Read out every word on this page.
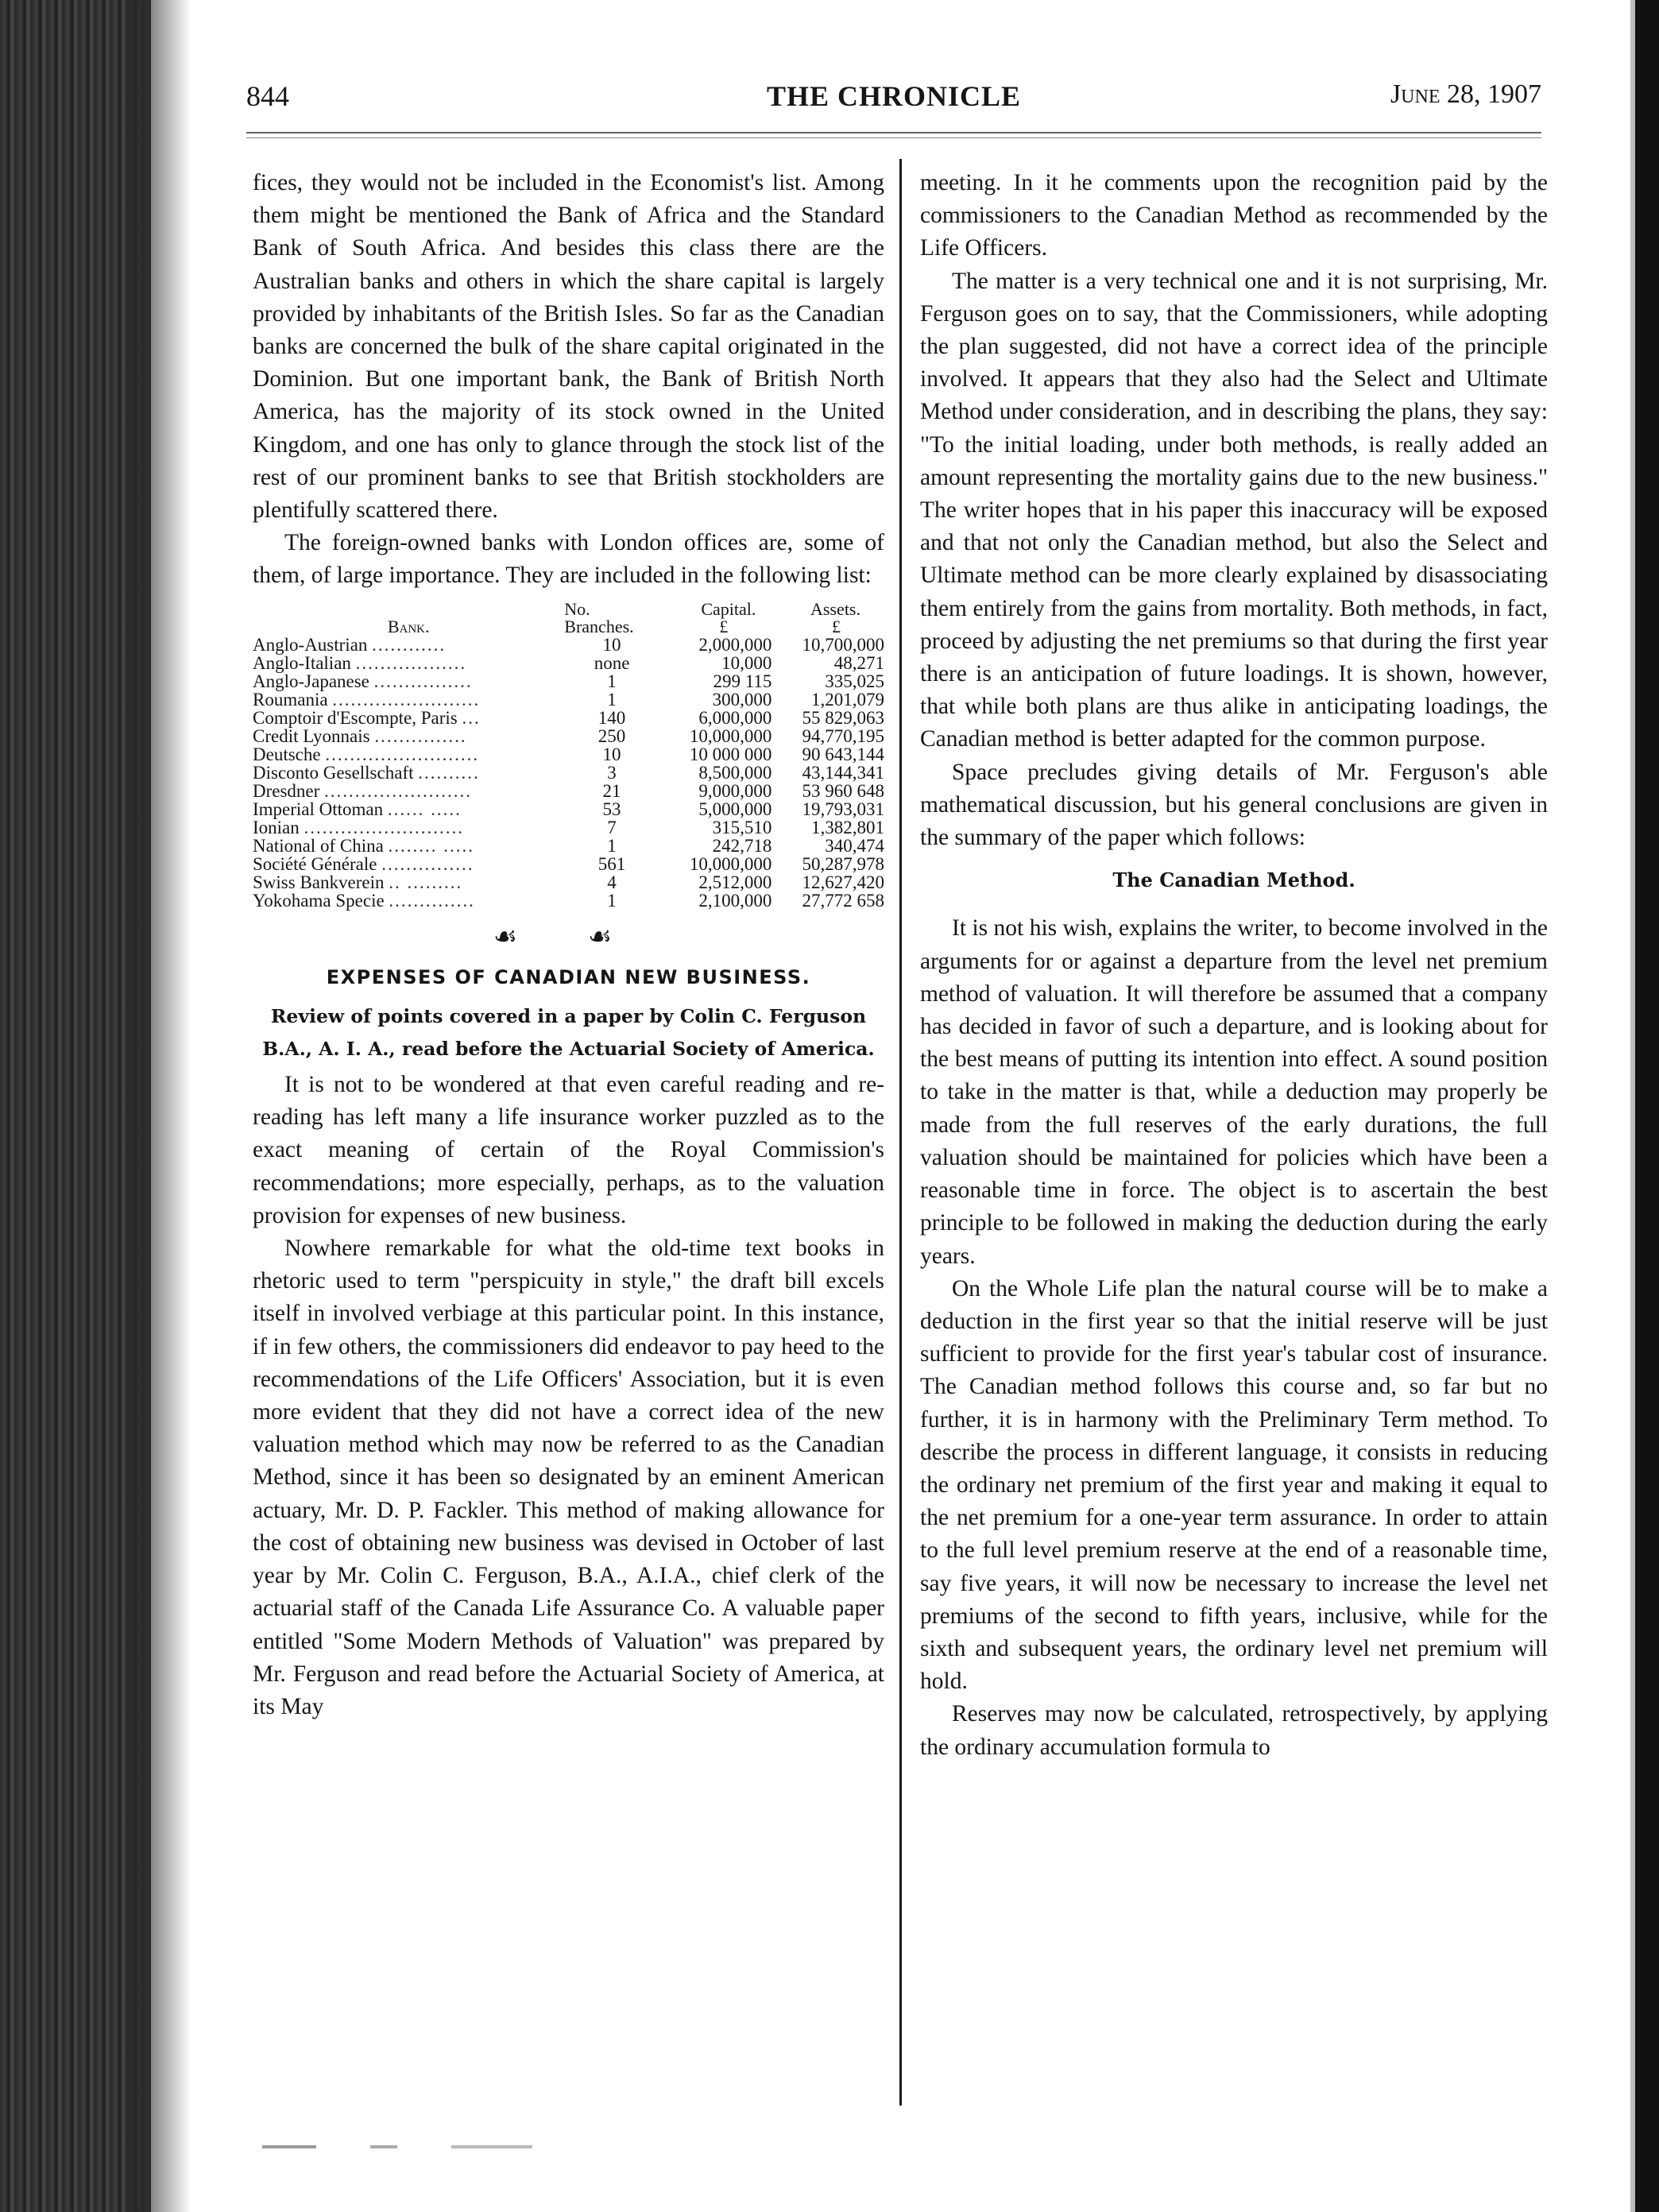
844	THE CHRONICLE	June 28, 1907

fices, they would not be included in the Economist's list. Among them might be mentioned the Bank of Africa and the Standard Bank of South Africa. And besides this class there are the Australian banks and others in which the share capital is largely provided by inhabitants of the British Isles. So far as the Canadian banks are concerned the bulk of the share capital originated in the Dominion. But one important bank, the Bank of British North America, has the majority of its stock owned in the United Kingdom, and one has only to glance through the stock list of the rest of our prominent banks to see that British stockholders are plentifully scattered there.

The foreign-owned banks with London offices are, some of them, of large importance. They are included in the following list:

Bank.	No.	Capital.	Assets.
	Branches.	£	£
Anglo-Austrian ............	10	2,000,000	10,700,000
Anglo-Italian ..................	none	10,000	48,271
Anglo-Japanese ................	1	299 115	335,025
Roumania ........................	1	300,000	1,201,079
Comptoir d'Escompte, Paris ...	140	6,000,000	55 829,063
Credit Lyonnais ...............	250	10,000,000	94,770,195
Deutsche .........................	10	10 000 000	90 643,144
Disconto Gesellschaft ..........	3	8,500,000	43,144,341
Dresdner ........................	21	9,000,000	53 960 648
Imperial Ottoman ...... .....	53	5,000,000	19,793,031
Ionian ..........................	7	315,510	1,382,801
National of China ........ .....	1	242,718	340,474
Société Générale ...............	561	10,000,000	50,287,978
Swiss Bankverein .. .........	4	2,512,000	12,627,420
Yokohama Specie ..............	1	2,100,000	27,772 658
☙ ☙
EXPENSES OF CANADIAN NEW BUSINESS.
Review of points covered in a paper by Colin C. Ferguson B.A., A. I. A., read before the Actuarial Society of America.

It is not to be wondered at that even careful reading and re-reading has left many a life insurance worker puzzled as to the exact meaning of certain of the Royal Commission's recommendations; more especially, perhaps, as to the valuation provision for expenses of new business.

Nowhere remarkable for what the old-time text books in rhetoric used to term "perspicuity in style," the draft bill excels itself in involved verbiage at this particular point. In this instance, if in few others, the commissioners did endeavor to pay heed to the recommendations of the Life Officers' Association, but it is even more evident that they did not have a correct idea of the new valuation method which may now be referred to as the Canadian Method, since it has been so designated by an eminent American actuary, Mr. D. P. Fackler. This method of making allowance for the cost of obtaining new business was devised in October of last year by Mr. Colin C. Ferguson, B.A., A.I.A., chief clerk of the actuarial staff of the Canada Life Assurance Co. A valuable paper entitled "Some Modern Methods of Valuation" was prepared by Mr. Ferguson and read before the Actuarial Society of America, at its May

meeting. In it he comments upon the recognition paid by the commissioners to the Canadian Method as recommended by the Life Officers.

The matter is a very technical one and it is not surprising, Mr. Ferguson goes on to say, that the Commissioners, while adopting the plan suggested, did not have a correct idea of the principle involved. It appears that they also had the Select and Ultimate Method under consideration, and in describing the plans, they say: "To the initial loading, under both methods, is really added an amount representing the mortality gains due to the new business." The writer hopes that in his paper this inaccuracy will be exposed and that not only the Canadian method, but also the Select and Ultimate method can be more clearly explained by disassociating them entirely from the gains from mortality. Both methods, in fact, proceed by adjusting the net premiums so that during the first year there is an anticipation of future loadings. It is shown, however, that while both plans are thus alike in anticipating loadings, the Canadian method is better adapted for the common purpose.

Space precludes giving details of Mr. Ferguson's able mathematical discussion, but his general conclusions are given in the summary of the paper which follows:

The Canadian Method.

It is not his wish, explains the writer, to become involved in the arguments for or against a departure from the level net premium method of valuation. It will therefore be assumed that a company has decided in favor of such a departure, and is looking about for the best means of putting its intention into effect. A sound position to take in the matter is that, while a deduction may properly be made from the full reserves of the early durations, the full valuation should be maintained for policies which have been a reasonable time in force. The object is to ascertain the best principle to be followed in making the deduction during the early years.

On the Whole Life plan the natural course will be to make a deduction in the first year so that the initial reserve will be just sufficient to provide for the first year's tabular cost of insurance. The Canadian method follows this course and, so far but no further, it is in harmony with the Preliminary Term method. To describe the process in different language, it consists in reducing the ordinary net premium of the first year and making it equal to the net premium for a one-year term assurance. In order to attain to the full level premium reserve at the end of a reasonable time, say five years, it will now be necessary to increase the level net premiums of the second to fifth years, inclusive, while for the sixth and subsequent years, the ordinary level net premium will hold.

Reserves may now be calculated, retrospectively, by applying the ordinary accumulation formula to
